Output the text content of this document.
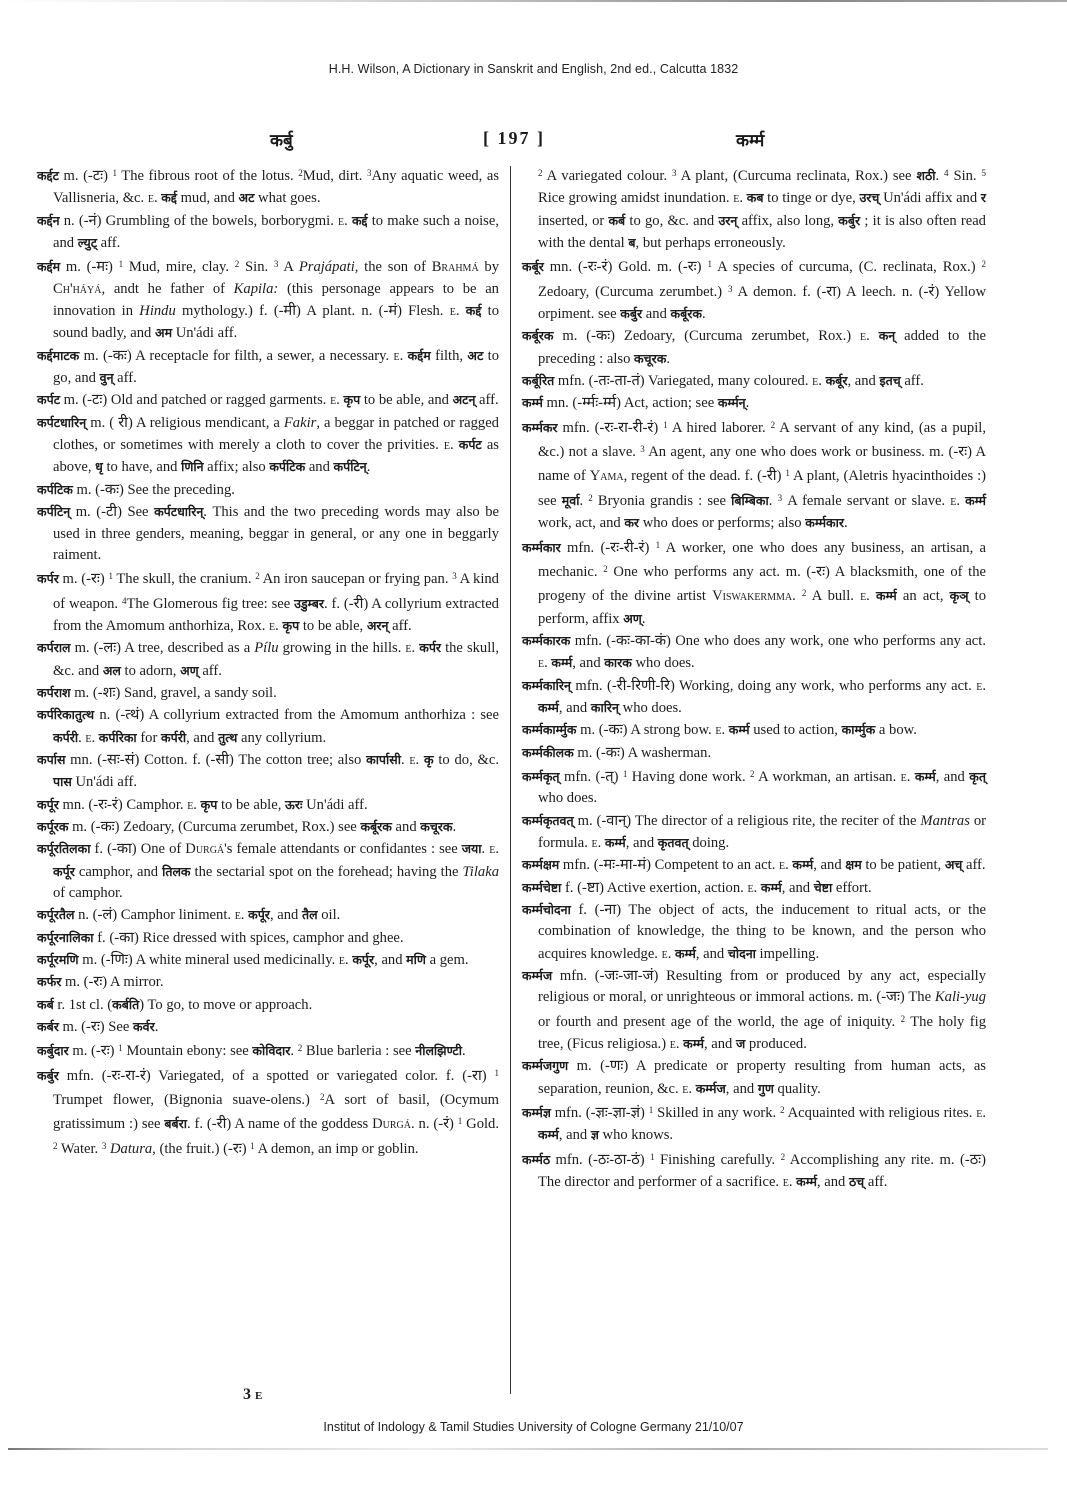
H.H. Wilson, A Dictionary in Sanskrit and English, 2nd ed., Calcutta 1832
कर्बु	[ 197 ]	कर्म्म

कर्द्दट m. (-टः) $^1$ The fibrous root of the lotus. $^2$Mud, dirt. $^3$Any aquatic weed, as Vallisneria, &c. e. कर्द्द mud, and अट what goes.

कर्द्दन n. (-नं) Grumbling of the bowels, borborygmi. e. कर्द्द to make such a noise, and ल्युट् aff.

कर्द्दम m. (-मः) $^1$ Mud, mire, clay. $^2$ Sin. $^3$ A Prajápati, the son of Brahmá by Ch'háyá, andt he father of Kapila: (this personage appears to be an innovation in Hindu mythology.) f. (-मी) A plant. n. (-मं) Flesh. e. कर्द्द to sound badly, and अम Un'ádi aff.

कर्द्दमाटक m. (-कः) A receptacle for filth, a sewer, a necessary. e. कर्द्दम filth, अट to go, and वुन् aff.

कर्पट m. (-टः) Old and patched or ragged garments. e. कृप to be able, and अटन् aff.

कर्पटधारिन् m. ( री) A religious mendicant, a Fakir, a beggar in patched or ragged clothes, or sometimes with merely a cloth to cover the privities. e. कर्पट as above, धृ to have, and णिनि affix; also कर्पटिक and कर्पटिन्.

कर्पटिक m. (-कः) See the preceding.

कर्पटिन् m. (-टी) See कर्पटधारिन्. This and the two preceding words may also be used in three genders, meaning, beggar in general, or any one in beggarly raiment.

कर्पर m. (-रः) $^1$ The skull, the cranium. $^2$ An iron saucepan or frying pan. $^3$ A kind of weapon. $^4$The Glomerous fig tree: see उडुम्बर. f. (-री) A collyrium extracted from the Amomum anthorhiza, Rox. e. कृप to be able, अरन् aff.

कर्पराल m. (-लः) A tree, described as a Pílu growing in the hills. e. कर्पर the skull, &c. and अल to adorn, अण् aff.

कर्पराश m. (-शः) Sand, gravel, a sandy soil.

कर्परिकातुत्थ n. (-त्थं) A collyrium extracted from the Amomum anthorhiza : see कर्परी. e. कर्परिका for कर्परी, and तुत्थ any collyrium.

कर्पास mn. (-सः-सं) Cotton. f. (-सी) The cotton tree; also कार्पासी. e. कृ to do, &c. पास Un'ádi aff.

कर्पूर mn. (-रः-रं) Camphor. e. कृप to be able, ऊरः Un'ádi aff.

कर्पूरक m. (-कः) Zedoary, (Curcuma zerumbet, Rox.) see कर्बूरक and कचूरक.

कर्पूरतिलका f. (-का) One of Durgá's female attendants or confidantes : see जया. e. कर्पूर camphor, and तिलक the sectarial spot on the forehead; having the Tilaka of camphor.

कर्पूरतैल n. (-लं) Camphor liniment. e. कर्पूर, and तैल oil.

कर्पूरनालिका f. (-का) Rice dressed with spices, camphor and ghee.

कर्पूरमणि m. (-णिः) A white mineral used medicinally. e. कर्पूर, and मणि a gem.

कर्फर m. (-रः) A mirror.

कर्ब r. 1st cl. (कर्बति) To go, to move or approach.

कर्बर m. (-रः) See कर्वर.

कर्बुदार m. (-रः) $^1$ Mountain ebony: see कोविदार. $^2$ Blue barleria : see नीलझिण्टी.

कर्बुर mfn. (-रः-रा-रं) Variegated, of a spotted or variegated color. f. (-रा) $^1$ Trumpet flower, (Bignonia suave-olens.) $^2$A sort of basil, (Ocymum gratissimum :) see बर्बरा. f. (-री) A name of the goddess Durgá. n. (-रं) $^1$ Gold. $^2$ Water. $^3$ Datura, (the fruit.) (-रः) $^1$ A demon, an imp or goblin.

$^2$ A variegated colour. $^3$ A plant, (Curcuma reclinata, Rox.) see शठी. $^4$ Sin. $^5$ Rice growing amidst inundation. e. कब to tinge or dye, उरच् Un'ádi affix and र inserted, or कर्ब to go, &c. and उरन् affix, also long, कर्बुर ; it is also often read with the dental ब, but perhaps erroneously.

कर्बूर mn. (-रः-रं) Gold. m. (-रः) $^1$ A species of curcuma, (C. reclinata, Rox.) $^2$ Zedoary, (Curcuma zerumbet.) $^3$ A demon. f. (-रा) A leech. n. (-रं) Yellow orpiment. see कर्बुर and कर्बूरक.

कर्बूरक m. (-कः) Zedoary, (Curcuma zerumbet, Rox.) e. कन् added to the preceding : also कचूरक.

कर्बूरित mfn. (-तः-ता-तं) Variegated, many coloured. e. कर्बूर, and इतच् aff.

कर्म्म mn. (-र्म्मः-र्म्म) Act, action; see कर्म्मन्.

कर्म्मकर mfn. (-रः-रा-री-रं) $^1$ A hired laborer. $^2$ A servant of any kind, (as a pupil, &c.) not a slave. $^3$ An agent, any one who does work or business. m. (-रः) A name of Yama, regent of the dead. f. (-री) $^1$ A plant, (Aletris hyacinthoides :) see मूर्वा. $^2$ Bryonia grandis : see बिम्बिका. $^3$ A female servant or slave. e. कर्म्म work, act, and कर who does or performs; also कर्म्मकार.

कर्म्मकार mfn. (-रः-री-रं) $^1$ A worker, one who does any business, an artisan, a mechanic. $^2$ One who performs any act. m. (-रः) A blacksmith, one of the progeny of the divine artist Viswakermma. $^2$ A bull. e. कर्म्म an act, कृञ् to perform, affix अण्.

कर्म्मकारक mfn. (-कः-का-कं) One who does any work, one who performs any act. e. कर्म्म, and कारक who does.

कर्म्मकारिन् mfn. (-री-रिणी-रि) Working, doing any work, who performs any act. e. कर्म्म, and कारिन् who does.

कर्म्मकार्म्मुक m. (-कः) A strong bow. e. कर्म्म used to action, कार्म्मुक a bow.

कर्म्मकीलक m. (-कः) A washerman.

कर्म्मकृत् mfn. (-त्) $^1$ Having done work. $^2$ A workman, an artisan. e. कर्म्म, and कृत् who does.

कर्म्मकृतवत् m. (-वान्) The director of a religious rite, the reciter of the Mantras or formula. e. कर्म्म, and कृतवत् doing.

कर्म्मक्षम mfn. (-मः-मा-मं) Competent to an act. e. कर्म्म, and क्षम to be patient, अच् aff.

कर्म्मचेष्टा f. (-ष्टा) Active exertion, action. e. कर्म्म, and चेष्टा effort.

कर्म्मचोदना f. (-ना) The object of acts, the inducement to ritual acts, or the combination of knowledge, the thing to be known, and the person who acquires knowledge. e. कर्म्म, and चोदना impelling.

कर्म्मज mfn. (-जः-जा-जं) Resulting from or produced by any act, especially religious or moral, or unrighteous or immoral actions. m. (-जः) The Kali-yug or fourth and present age of the world, the age of iniquity. $^2$ The holy fig tree, (Ficus religiosa.) e. कर्म्म, and ज produced.

कर्म्मजगुण m. (-णः) A predicate or property resulting from human acts, as separation, reunion, &c. e. कर्म्मज, and गुण quality.

कर्म्मज्ञ mfn. (-ज्ञः-ज्ञा-ज्ञं) $^1$ Skilled in any work. $^2$ Acquainted with religious rites. e. कर्म्म, and ज्ञ who knows.

कर्म्मठ mfn. (-ठः-ठा-ठं) $^1$ Finishing carefully. $^2$ Accomplishing any rite. m. (-ठः) The director and performer of a sacrifice. e. कर्म्म, and ठच् aff.

3 E
Institut of Indology & Tamil Studies University of Cologne Germany 21/10/07
